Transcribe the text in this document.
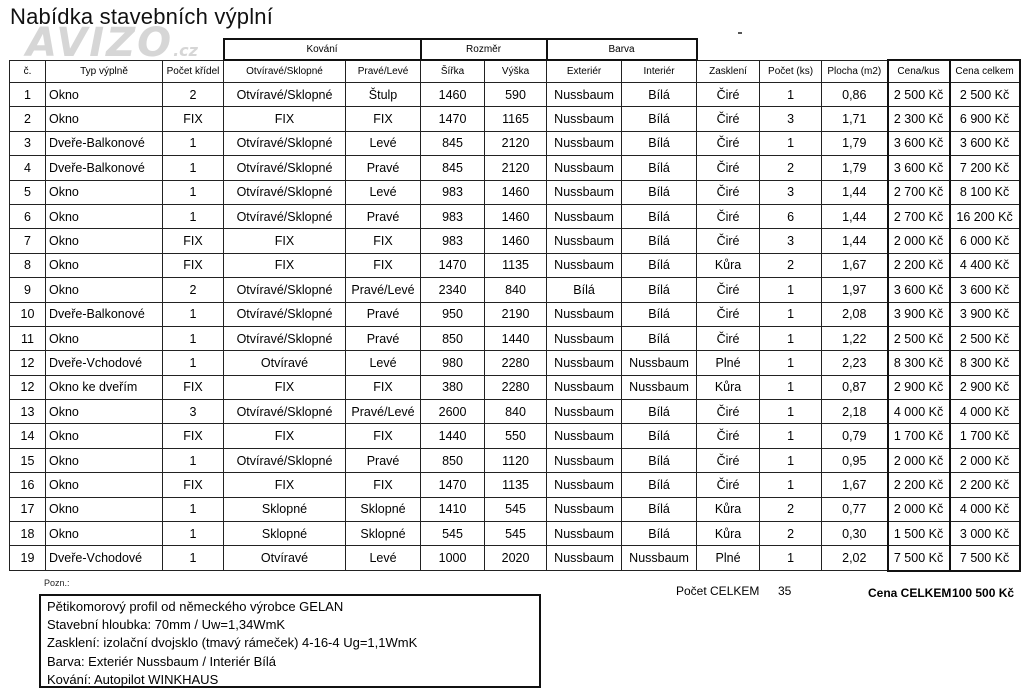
Nabídka stavebních výplní
AVIZO.cz
			Kování		Rozměr		Barva						
č.	Typ výplně	Počet křídel	Otvíravé/Sklopné	Pravé/Levé	Šířka	Výška	Exteriér	Interiér	Zasklení	Počet (ks)	Plocha (m2)	Cena/kus	Cena celkem
1	Okno	2	Otvíravé/Sklopné	Štulp	1460	590	Nussbaum	Bílá	Čiré	1	0,86	2 500 Kč	2 500 Kč
2	Okno	FIX	FIX	FIX	1470	1165	Nussbaum	Bílá	Čiré	3	1,71	2 300 Kč	6 900 Kč
3	Dveře-Balkonové	1	Otvíravé/Sklopné	Levé	845	2120	Nussbaum	Bílá	Čiré	1	1,79	3 600 Kč	3 600 Kč
4	Dveře-Balkonové	1	Otvíravé/Sklopné	Pravé	845	2120	Nussbaum	Bílá	Čiré	2	1,79	3 600 Kč	7 200 Kč
5	Okno	1	Otvíravé/Sklopné	Levé	983	1460	Nussbaum	Bílá	Čiré	3	1,44	2 700 Kč	8 100 Kč
6	Okno	1	Otvíravé/Sklopné	Pravé	983	1460	Nussbaum	Bílá	Čiré	6	1,44	2 700 Kč	16 200 Kč
7	Okno	FIX	FIX	FIX	983	1460	Nussbaum	Bílá	Čiré	3	1,44	2 000 Kč	6 000 Kč
8	Okno	FIX	FIX	FIX	1470	1135	Nussbaum	Bílá	Kůra	2	1,67	2 200 Kč	4 400 Kč
9	Okno	2	Otvíravé/Sklopné	Pravé/Levé	2340	840	Bílá	Bílá	Čiré	1	1,97	3 600 Kč	3 600 Kč
10	Dveře-Balkonové	1	Otvíravé/Sklopné	Pravé	950	2190	Nussbaum	Bílá	Čiré	1	2,08	3 900 Kč	3 900 Kč
11	Okno	1	Otvíravé/Sklopné	Pravé	850	1440	Nussbaum	Bílá	Čiré	1	1,22	2 500 Kč	2 500 Kč
12	Dveře-Vchodové	1	Otvíravé	Levé	980	2280	Nussbaum	Nussbaum	Plné	1	2,23	8 300 Kč	8 300 Kč
12	Okno ke dveřím	FIX	FIX	FIX	380	2280	Nussbaum	Nussbaum	Kůra	1	0,87	2 900 Kč	2 900 Kč
13	Okno	3	Otvíravé/Sklopné	Pravé/Levé	2600	840	Nussbaum	Bílá	Čiré	1	2,18	4 000 Kč	4 000 Kč
14	Okno	FIX	FIX	FIX	1440	550	Nussbaum	Bílá	Čiré	1	0,79	1 700 Kč	1 700 Kč
15	Okno	1	Otvíravé/Sklopné	Pravé	850	1120	Nussbaum	Bílá	Čiré	1	0,95	2 000 Kč	2 000 Kč
16	Okno	FIX	FIX	FIX	1470	1135	Nussbaum	Bílá	Čiré	1	1,67	2 200 Kč	2 200 Kč
17	Okno	1	Sklopné	Sklopné	1410	545	Nussbaum	Bílá	Kůra	2	0,77	2 000 Kč	4 000 Kč
18	Okno	1	Sklopné	Sklopné	545	545	Nussbaum	Bílá	Kůra	2	0,30	1 500 Kč	3 000 Kč
19	Dveře-Vchodové	1	Otvíravé	Levé	1000	2020	Nussbaum	Nussbaum	Plné	1	2,02	7 500 Kč	7 500 Kč
Pozn.:
Počet CELKEM 35	Cena CELKEM 100 500 Kč
Pětikomorový profil od německého výrobce GELAN
Stavební hloubka: 70mm / Uw=1,34WmK
Zasklení: izolační dvojsklo (tmavý rámeček) 4-16-4 Ug=1,1WmK
Barva: Exteriér Nussbaum / Interiér Bílá
Kování: Autopilot WINKHAUS
